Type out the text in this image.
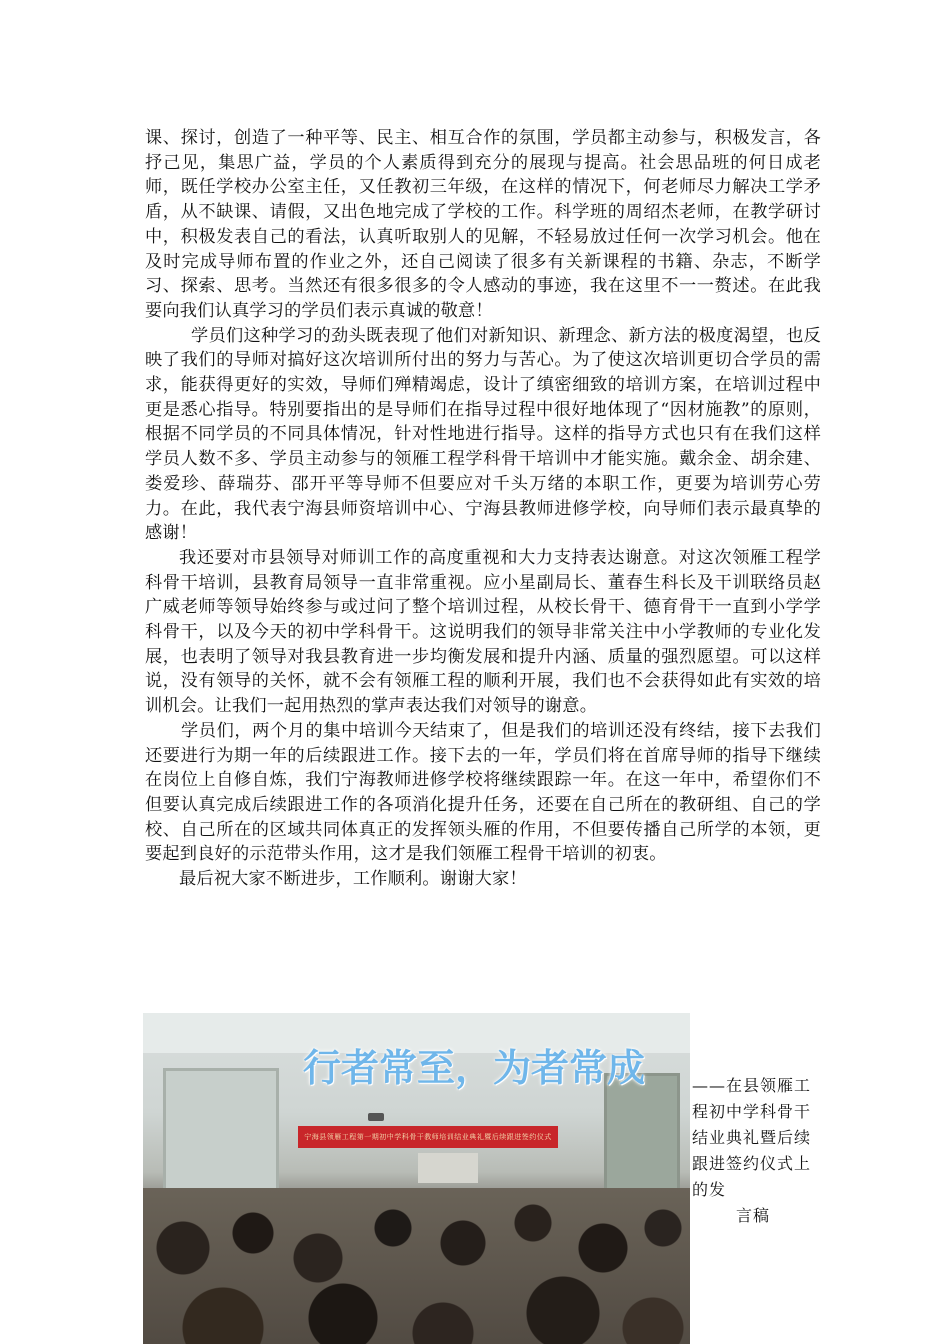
课、探讨，创造了一种平等、民主、相互合作的氛围，学员都主动参与，积极发言，各抒己见，集思广益，学员的个人素质得到充分的展现与提高。社会思品班的何日成老师，既任学校办公室主任，又任教初三年级，在这样的情况下，何老师尽力解决工学矛盾，从不缺课、请假，又出色地完成了学校的工作。科学班的周绍杰老师，在教学研讨中，积极发表自己的看法，认真听取别人的见解，不轻易放过任何一次学习机会。他在及时完成导师布置的作业之外，还自己阅读了很多有关新课程的书籍、杂志，不断学习、探索、思考。当然还有很多很多的令人感动的事迹，我在这里不一一赘述。在此我要向我们认真学习的学员们表示真诚的敬意！

学员们这种学习的劲头既表现了他们对新知识、新理念、新方法的极度渴望，也反映了我们的导师对搞好这次培训所付出的努力与苦心。为了使这次培训更切合学员的需求，能获得更好的实效，导师们殚精竭虑，设计了缜密细致的培训方案，在培训过程中更是悉心指导。特别要指出的是导师们在指导过程中很好地体现了“因材施教”的原则，根据不同学员的不同具体情况，针对性地进行指导。这样的指导方式也只有在我们这样学员人数不多、学员主动参与的领雁工程学科骨干培训中才能实施。戴余金、胡余建、娄爱珍、薛瑞芬、邵开平等导师不但要应对千头万绪的本职工作，更要为培训劳心劳力。在此，我代表宁海县师资培训中心、宁海县教师进修学校，向导师们表示最真挚的感谢！

我还要对市县领导对师训工作的高度重视和大力支持表达谢意。对这次领雁工程学科骨干培训，县教育局领导一直非常重视。应小星副局长、董春生科长及干训联络员赵广威老师等领导始终参与或过问了整个培训过程，从校长骨干、德育骨干一直到小学学科骨干，以及今天的初中学科骨干。这说明我们的领导非常关注中小学教师的专业化发展，也表明了领导对我县教育进一步均衡发展和提升内涵、质量的强烈愿望。可以这样说，没有领导的关怀，就不会有领雁工程的顺利开展，我们也不会获得如此有实效的培训机会。让我们一起用热烈的掌声表达我们对领导的谢意。

学员们，两个月的集中培训今天结束了，但是我们的培训还没有终结，接下去我们还要进行为期一年的后续跟进工作。接下去的一年，学员们将在首席导师的指导下继续在岗位上自修自炼，我们宁海教师进修学校将继续跟踪一年。在这一年中，希望你们不但要认真完成后续跟进工作的各项消化提升任务，还要在自己所在的教研组、自己的学校、自己所在的区域共同体真正的发挥领头雁的作用，不但要传播自己所学的本领，更要起到良好的示范带头作用，这才是我们领雁工程骨干培训的初衷。

最后祝大家不断进步，工作顺利。谢谢大家！

宁海县领雁工程第一期初中学科骨干教师培训结业典礼暨后续跟进签约仪式
行者常至，为者常成	——在县领雁工程初中学科骨干结业典礼暨后续跟进签约仪式上的发
言稿
